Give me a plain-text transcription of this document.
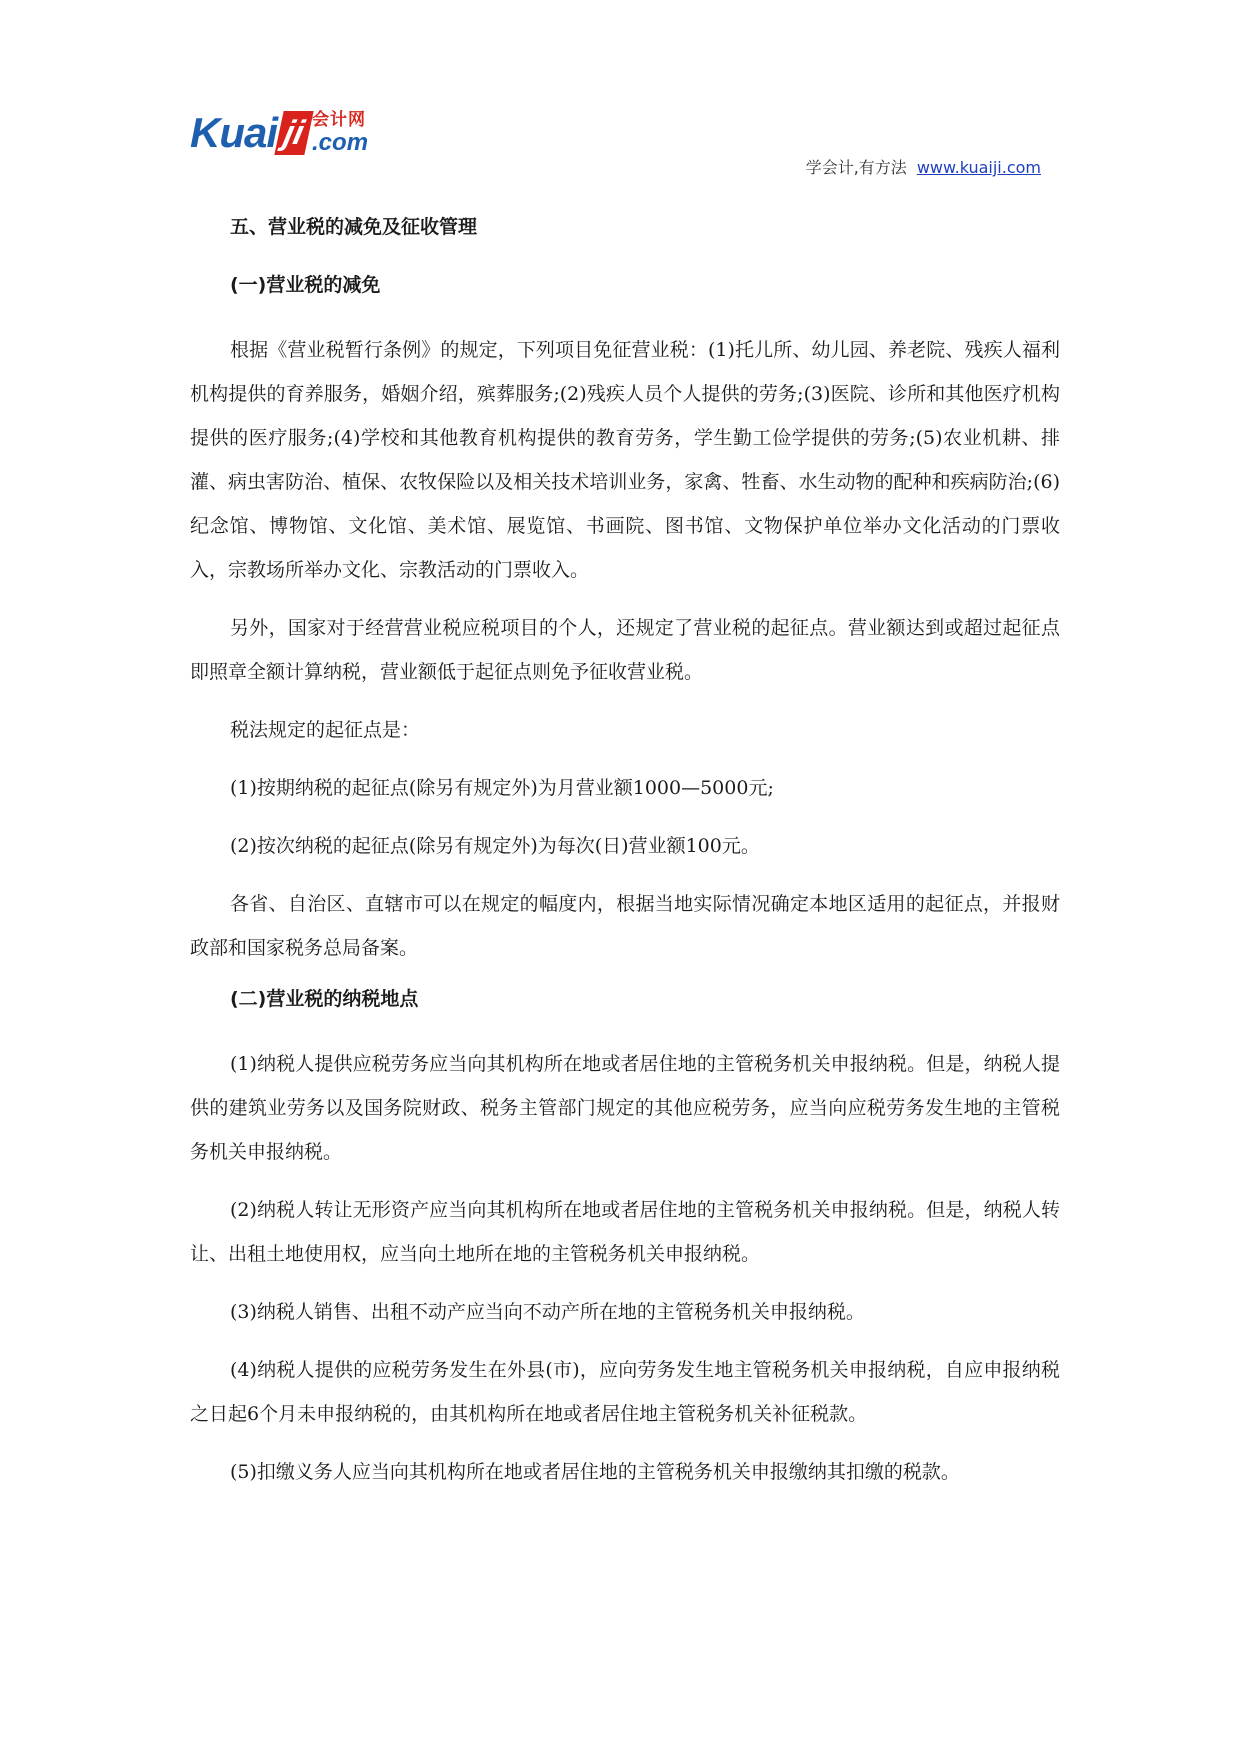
Kuai ji 会计网
.com
学会计,有方法 www.kuaiji.com
五、营业税的减免及征收管理
(一)营业税的减免

根据《营业税暂行条例》的规定，下列项目免征营业税：(1)托儿所、幼儿园、养老院、残疾人福利机构提供的育养服务，婚姻介绍，殡葬服务;(2)残疾人员个人提供的劳务;(3)医院、诊所和其他医疗机构提供的医疗服务;(4)学校和其他教育机构提供的教育劳务，学生勤工俭学提供的劳务;(5)农业机耕、排灌、病虫害防治、植保、农牧保险以及相关技术培训业务，家禽、牲畜、水生动物的配种和疾病防治;(6)纪念馆、博物馆、文化馆、美术馆、展览馆、书画院、图书馆、文物保护单位举办文化活动的门票收入，宗教场所举办文化、宗教活动的门票收入。

另外，国家对于经营营业税应税项目的个人，还规定了营业税的起征点。营业额达到或超过起征点即照章全额计算纳税，营业额低于起征点则免予征收营业税。

税法规定的起征点是：

(1)按期纳税的起征点(除另有规定外)为月营业额1000—5000元;

(2)按次纳税的起征点(除另有规定外)为每次(日)营业额100元。

各省、自治区、直辖市可以在规定的幅度内，根据当地实际情况确定本地区适用的起征点，并报财政部和国家税务总局备案。

(二)营业税的纳税地点

(1)纳税人提供应税劳务应当向其机构所在地或者居住地的主管税务机关申报纳税。但是，纳税人提供的建筑业劳务以及国务院财政、税务主管部门规定的其他应税劳务，应当向应税劳务发生地的主管税务机关申报纳税。

(2)纳税人转让无形资产应当向其机构所在地或者居住地的主管税务机关申报纳税。但是，纳税人转让、出租土地使用权，应当向土地所在地的主管税务机关申报纳税。

(3)纳税人销售、出租不动产应当向不动产所在地的主管税务机关申报纳税。

(4)纳税人提供的应税劳务发生在外县(市)，应向劳务发生地主管税务机关申报纳税，自应申报纳税之日起6个月未申报纳税的，由其机构所在地或者居住地主管税务机关补征税款。

(5)扣缴义务人应当向其机构所在地或者居住地的主管税务机关申报缴纳其扣缴的税款。
